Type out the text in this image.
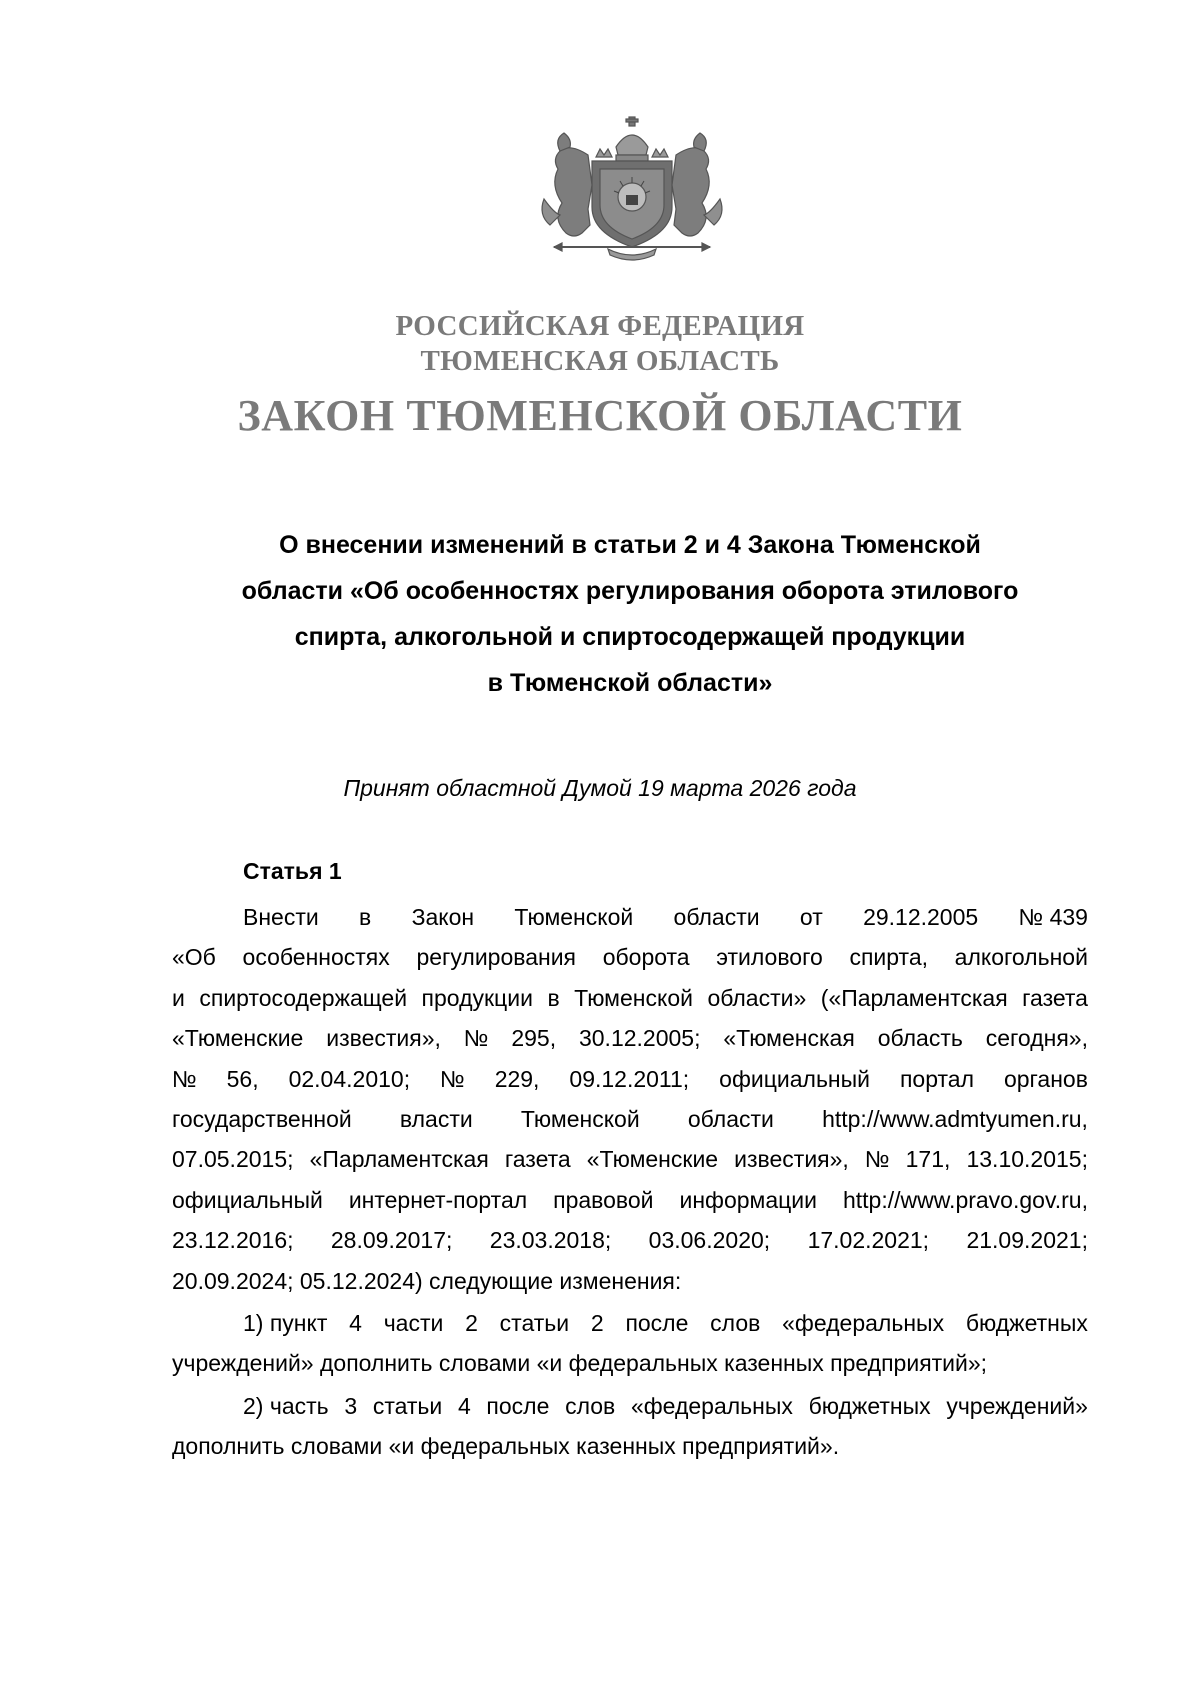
РОССИЙСКАЯ ФЕДЕРАЦИЯ
ТЮМЕНСКАЯ ОБЛАСТЬ
ЗАКОН ТЮМЕНСКОЙ ОБЛАСТИ
О внесении изменений в статьи 2 и 4 Закона Тюменской
области «Об особенностях регулирования оборота этилового
спирта, алкогольной и спиртосодержащей продукции
в Тюменской области»
Принят областной Думой 19 марта 2026 года
Статья 1
Внести в Закон Тюменской области от 29.12.2005 № 439
«Об особенностях регулирования оборота этилового спирта, алкогольной
и спиртосодержащей продукции в Тюменской области» («Парламентская газета
«Тюменские известия», № 295, 30.12.2005; «Тюменская область сегодня»,
№ 56, 02.04.2010; № 229, 09.12.2011; официальный портал органов
государственной власти Тюменской области http://www.admtyumen.ru,
07.05.2015; «Парламентская газета «Тюменские известия», № 171, 13.10.2015;
официальный интернет-портал правовой информации http://www.pravo.gov.ru,
23.12.2016; 28.09.2017; 23.03.2018; 03.06.2020; 17.02.2021; 21.09.2021;
20.09.2024; 05.12.2024) следующие изменения:
1) пункт 4 части 2 статьи 2 после слов «федеральных бюджетных
учреждений» дополнить словами «и федеральных казенных предприятий»;
2) часть 3 статьи 4 после слов «федеральных бюджетных учреждений»
дополнить словами «и федеральных казенных предприятий».
